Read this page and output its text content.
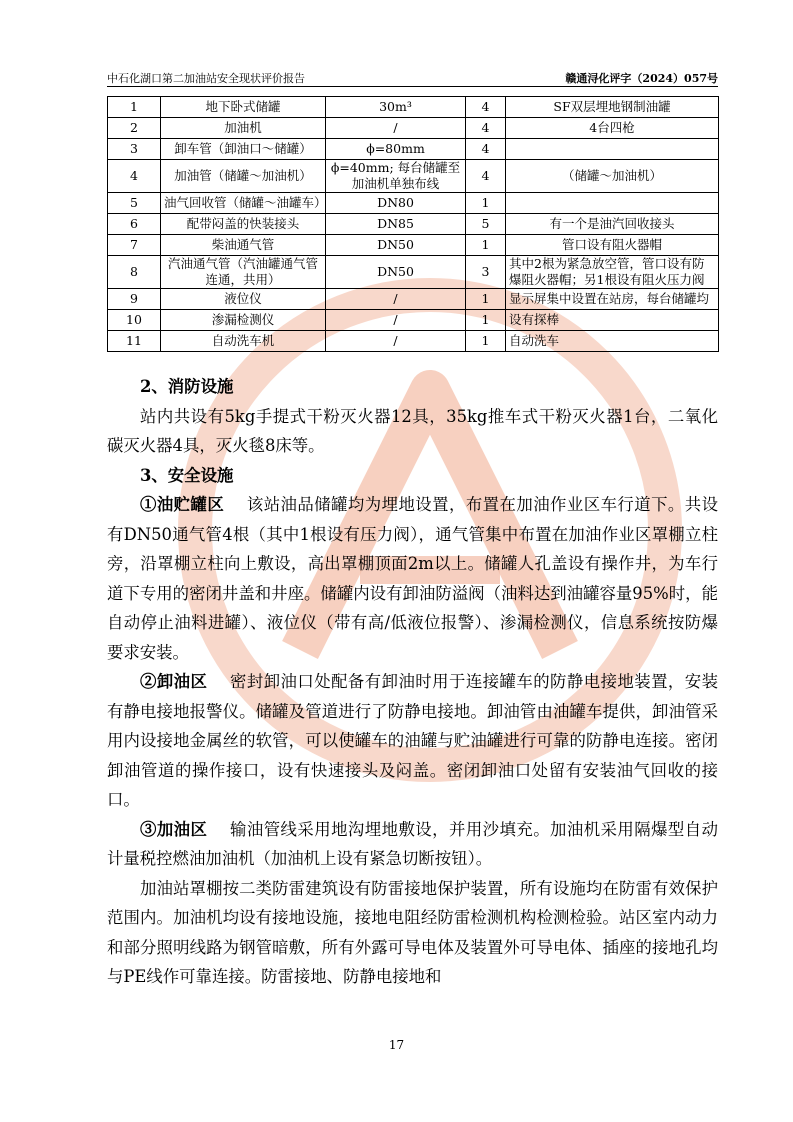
中石化湖口第二加油站安全现状评价报告	赣通浔化评字（2024）057号
1	地下卧式储罐	30m³	4	SF双层埋地钢制油罐
2	加油机	/	4	4台四枪
3	卸车管（卸油口～储罐）	ϕ=80mm	4	
4	加油管（储罐～加油机）	ϕ=40mm; 每台储罐至加油机单独布线	4	（储罐～加油机）
5	油气回收管（储罐～油罐车）	DN80	1	
6	配带闷盖的快装接头	DN85	5	有一个是油汽回收接头
7	柴油通气管	DN50	1	管口设有阻火器帽
8	汽油通气管（汽油罐通气管连通，共用）	DN50	3	其中2根为紧急放空管，管口设有防爆阻火器帽；另1根设有阻火压力阀
9	液位仪	/	1	显示屏集中设置在站房，每台储罐均
10	渗漏检测仪	/	1	设有探棒
11	自动洗车机	/	1	自动洗车

2、消防设施

站内共设有5kg手提式干粉灭火器12具，35kg推车式干粉灭火器1台，二氧化碳灭火器4具，灭火毯8床等。

3、安全设施

①油贮罐区 该站油品储罐均为埋地设置，布置在加油作业区车行道下。共设有DN50通气管4根（其中1根设有压力阀），通气管集中布置在加油作业区罩棚立柱旁，沿罩棚立柱向上敷设，高出罩棚顶面2m以上。储罐人孔盖设有操作井，为车行道下专用的密闭井盖和井座。储罐内设有卸油防溢阀（油料达到油罐容量95%时，能自动停止油料进罐）、液位仪（带有高/低液位报警）、渗漏检测仪，信息系统按防爆要求安装。

②卸油区 密封卸油口处配备有卸油时用于连接罐车的防静电接地装置，安装有静电接地报警仪。储罐及管道进行了防静电接地。卸油管由油罐车提供，卸油管采用内设接地金属丝的软管，可以使罐车的油罐与贮油罐进行可靠的防静电连接。密闭卸油管道的操作接口，设有快速接头及闷盖。密闭卸油口处留有安装油气回收的接口。

③加油区 输油管线采用地沟埋地敷设，并用沙填充。加油机采用隔爆型自动计量税控燃油加油机（加油机上设有紧急切断按钮）。

加油站罩棚按二类防雷建筑设有防雷接地保护装置，所有设施均在防雷有效保护范围内。加油机均设有接地设施，接地电阻经防雷检测机构检测检验。站区室内动力和部分照明线路为钢管暗敷，所有外露可导电体及装置外可导电体、插座的接地孔均与PE线作可靠连接。防雷接地、防静电接地和

17
